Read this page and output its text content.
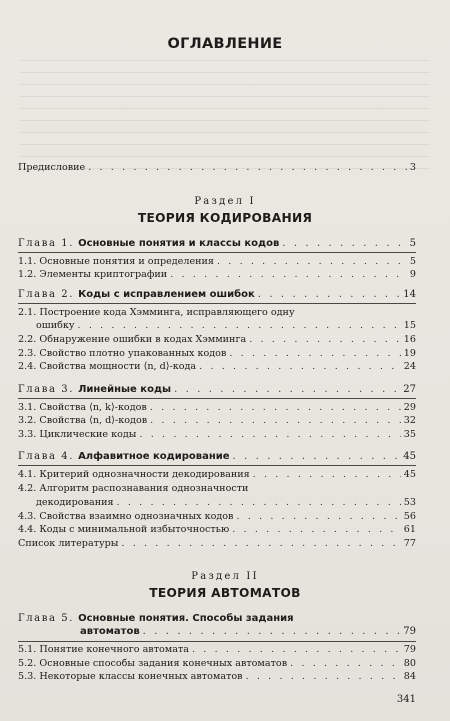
ОГЛАВЛЕНИЕ
Предисловие . . .	3
Раздел I
ТЕОРИЯ КОДИРОВАНИЯ
Глава 1. Основные понятия и классы кодов . . .	5
1.1. Основные понятия и определения . . .	5
1.2. Элементы криптографии . . .	9
Глава 2. Коды с исправлением ошибок . . .	14
2.1. Построение кода Хэмминга, исправляющего одну
ошибку . . .	15
2.2. Обнаружение ошибки в кодах Хэмминга . . .	16
2.3. Свойство плотно упакованных кодов . . .	19
2.4. Свойства мощности ⟨n, d⟩-кода . . .	24
Глава 3. Линейные коды . . .	27
3.1. Свойства ⟨n, k⟩-кодов . . .	29
3.2. Свойства ⟨n, d⟩-кодов . . .	32
3.3. Циклические коды . . .	35
Глава 4. Алфавитное кодирование . . .	45
4.1. Критерий однозначности декодирования . . .	45
4.2. Алгоритм распознавания однозначности
декодирования . . .	53
4.3. Свойства взаимно однозначных кодов . . .	56
4.4. Коды с минимальной избыточностью . . .	61
Список литературы . . .	77
Раздел II
ТЕОРИЯ АВТОМАТОВ
Глава 5. Основные понятия. Способы задания
автоматов . . .	79
5.1. Понятие конечного автомата . . .	79
5.2. Основные способы задания конечных автоматов . . .	80
5.3. Некоторые классы конечных автоматов . . .	84
341
